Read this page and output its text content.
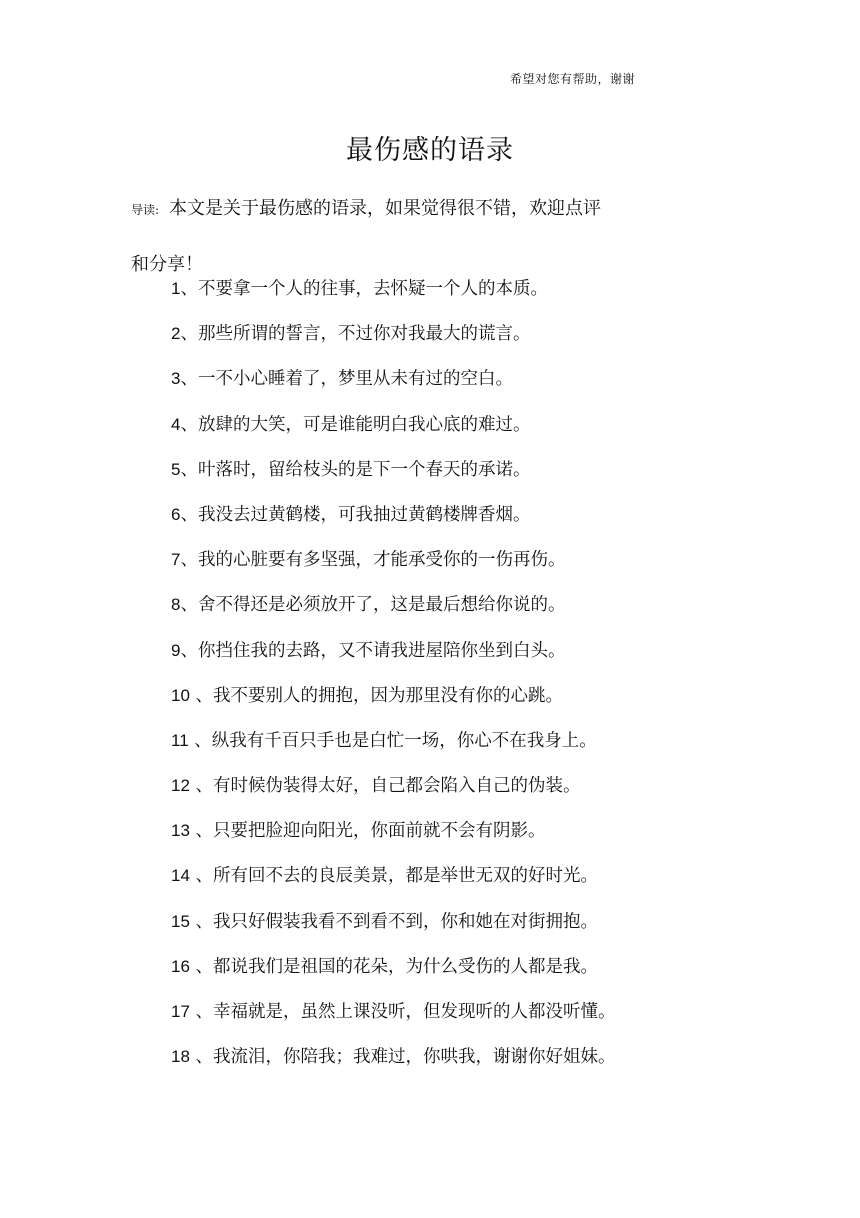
希望对您有帮助，谢谢
最伤感的语录
导读: 本文是关于最伤感的语录，如果觉得很不错，欢迎点评
和分享！
1、不要拿一个人的往事，去怀疑一个人的本质。
2、那些所谓的誓言，不过你对我最大的谎言。
3、一不小心睡着了，梦里从未有过的空白。
4、放肆的大笑，可是谁能明白我心底的难过。
5、叶落时，留给枝头的是下一个春天的承诺。
6、我没去过黄鹤楼，可我抽过黄鹤楼牌香烟。
7、我的心脏要有多坚强，才能承受你的一伤再伤。
8、舍不得还是必须放开了，这是最后想给你说的。
9、你挡住我的去路，又不请我进屋陪你坐到白头。
10 、我不要别人的拥抱，因为那里没有你的心跳。
11 、纵我有千百只手也是白忙一场，你心不在我身上。
12 、有时候伪装得太好，自己都会陷入自己的伪装。
13 、只要把脸迎向阳光，你面前就不会有阴影。
14 、所有回不去的良辰美景，都是举世无双的好时光。
15 、我只好假装我看不到看不到，你和她在对街拥抱。
16 、都说我们是祖国的花朵，为什么受伤的人都是我。
17 、幸福就是，虽然上课没听，但发现听的人都没听懂。
18 、我流泪，你陪我；我难过，你哄我，谢谢你好姐妹。
